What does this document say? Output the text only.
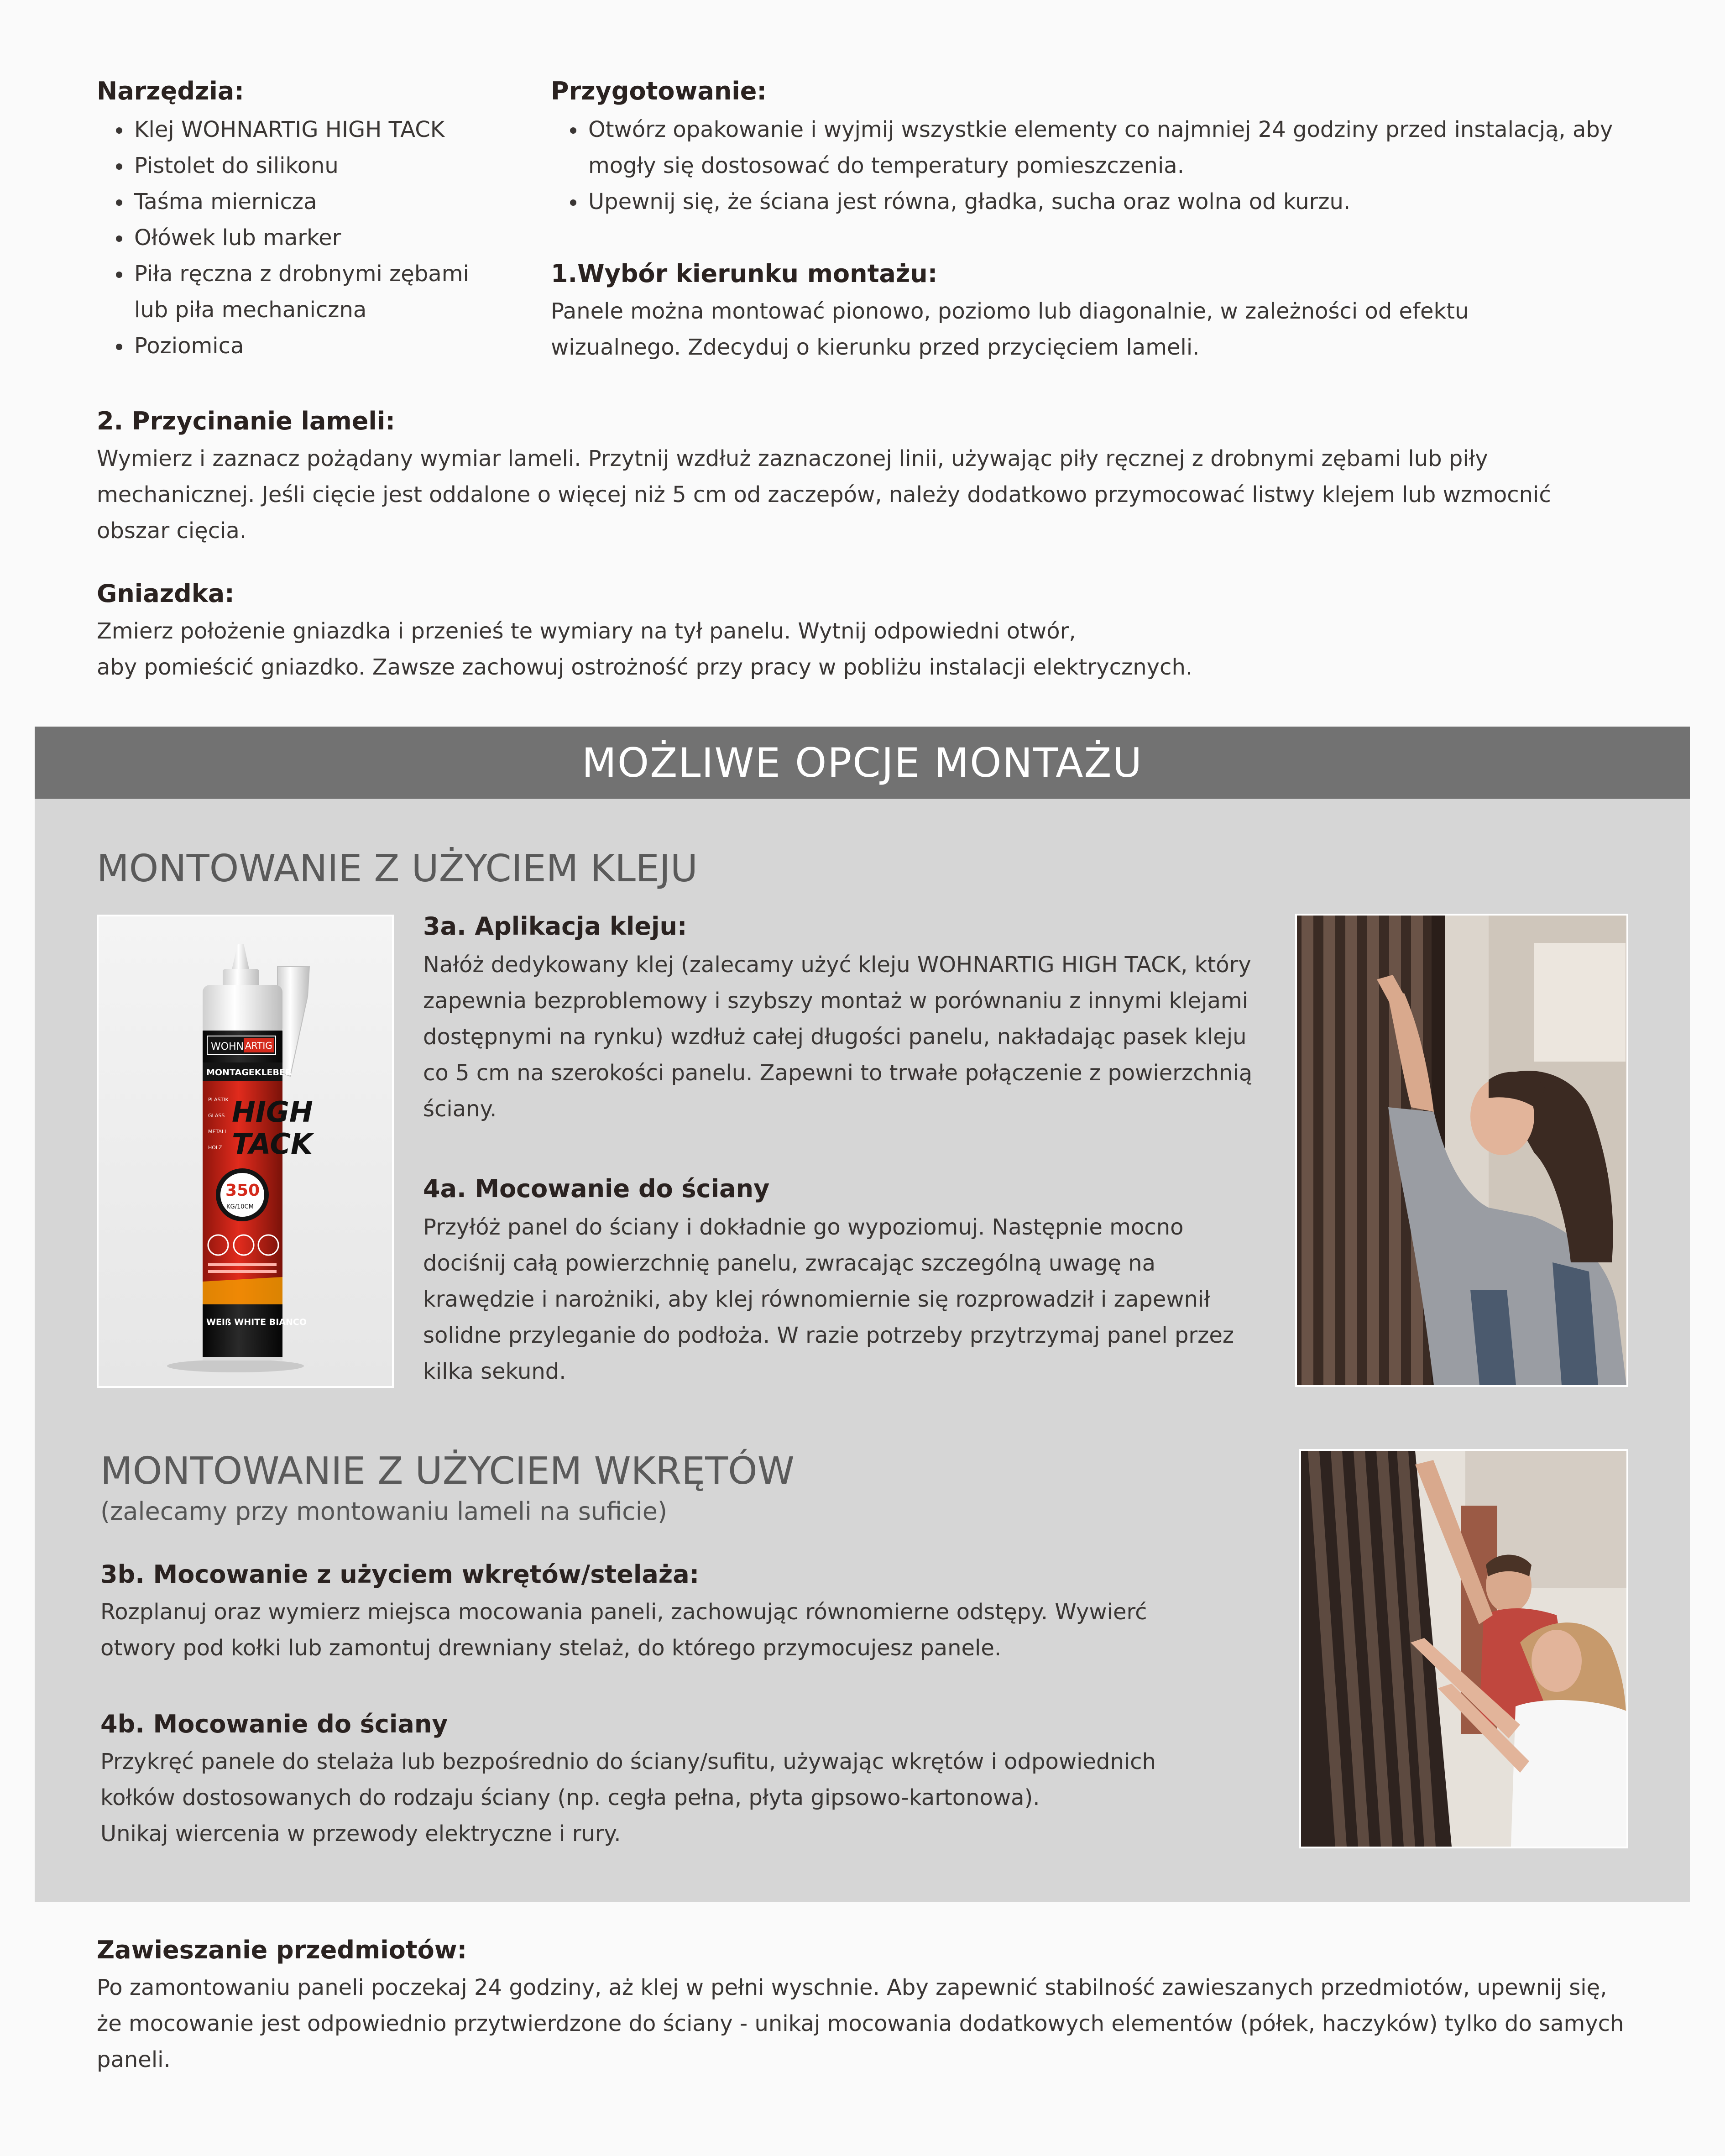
Narzędzia:
Klej WOHNARTIG HIGH TACK
Pistolet do silikonu
Taśma miernicza
Ołówek lub marker
Piła ręczna z drobnymi zębami lub piła mechaniczna
Poziomica
Przygotowanie:
Otwórz opakowanie i wyjmij wszystkie elementy co najmniej 24 godziny przed instalacją, aby mogły się dostosować do temperatury pomieszczenia.
Upewnij się, że ściana jest równa, gładka, sucha oraz wolna od kurzu.
1.Wybór kierunku montażu:

Panele można montować pionowo, poziomo lub diagonalnie, w zależności od efektu wizualnego. Zdecyduj o kierunku przed przycięciem lameli.

2. Przycinanie lameli:

Wymierz i zaznacz pożądany wymiar lameli. Przytnij wzdłuż zaznaczonej linii, używając piły ręcznej z drobnymi zębami lub piły mechanicznej. Jeśli cięcie jest oddalone o więcej niż 5 cm od zaczepów, należy dodatkowo przymocować listwy klejem lub wzmocnić obszar cięcia.

Gniazdka:

Zmierz położenie gniazdka i przenieś te wymiary na tył panelu. Wytnij odpowiedni otwór,

aby pomieścić gniazdko. Zawsze zachowuj ostrożność przy pracy w pobliżu instalacji elektrycznych.

MOŻLIWE OPCJE MONTAŻU
MONTOWANIE Z UŻYCIEM KLEJU
WOHN ARTIG
MONTAGEKLEBER
PLASTIK
GLASS
METALL
HOLZ
HIGH
TACK
350
KG/10CM
WEIß WHITE BIANCO
3a. Aplikacja kleju:

Nałóż dedykowany klej (zalecamy użyć kleju WOHNARTIG HIGH TACK, który zapewnia bezproblemowy i szybszy montaż w porównaniu z innymi klejami dostępnymi na rynku) wzdłuż całej długości panelu, nakładając pasek kleju co 5 cm na szerokości panelu. Zapewni to trwałe połączenie z powierzchnią ściany.

4a. Mocowanie do ściany

Przyłóż panel do ściany i dokładnie go wypoziomuj. Następnie mocno dociśnij całą powierzchnię panelu, zwracając szczególną uwagę na krawędzie i narożniki, aby klej równomiernie się rozprowadził i zapewnił solidne przyleganie do podłoża. W razie potrzeby przytrzymaj panel przez kilka sekund.

MONTOWANIE Z UŻYCIEM WKRĘTÓW

(zalecamy przy montowaniu lameli na suficie)

3b. Mocowanie z użyciem wkrętów/stelaża:

Rozplanuj oraz wymierz miejsca mocowania paneli, zachowując równomierne odstępy. Wywierć otwory pod kołki lub zamontuj drewniany stelaż, do którego przymocujesz panele.

4b. Mocowanie do ściany

Przykręć panele do stelaża lub bezpośrednio do ściany/sufitu, używając wkrętów i odpowiednich kołków dostosowanych do rodzaju ściany (np. cegła pełna, płyta gipsowo-kartonowa).

Unikaj wiercenia w przewody elektryczne i rury.

Zawieszanie przedmiotów:

Po zamontowaniu paneli poczekaj 24 godziny, aż klej w pełni wyschnie. Aby zapewnić stabilność zawieszanych przedmiotów, upewnij się, że mocowanie jest odpowiednio przytwierdzone do ściany - unikaj mocowania dodatkowych elementów (półek, haczyków) tylko do samych paneli.
